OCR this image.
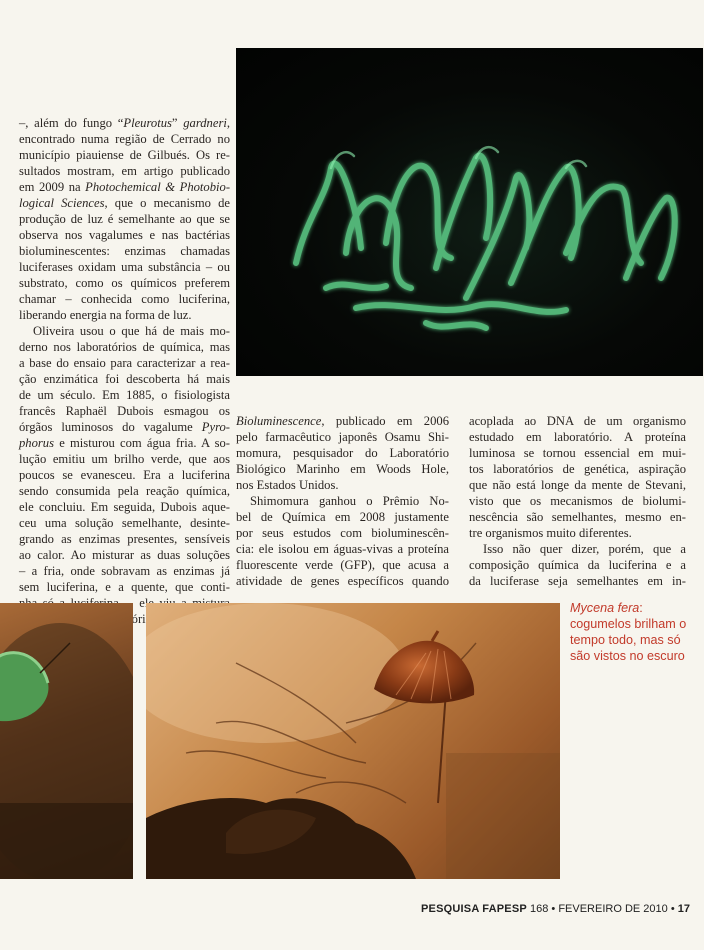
–, além do fungo “Pleurotus” gardneri,
encontrado numa região de Cerrado no
município piauiense de Gilbués. Os re-
sultados mostram, em artigo publicado
em 2009 na Photochemical & Photobio-
logical Sciences, que o mecanismo de
produção de luz é semelhante ao que se
observa nos vagalumes e nas bactérias
bioluminescentes: enzimas chamadas
luciferases oxidam uma substância – ou
substrato, como os químicos preferem
chamar – conhecida como luciferina,
liberando energia na forma de luz.

Oliveira usou o que há de mais mo-
derno nos laboratórios de química, mas
a base do ensaio para caracterizar a rea-
ção enzimática foi descoberta há mais
de um século. Em 1885, o fisiologista
francês Raphaël Dubois esmagou os
órgãos luminosos do vagalume Pyro-
phorus e misturou com água fria. A so-
lução emitiu um brilho verde, que aos
poucos se evanesceu. Era a luciferina
sendo consumida pela reação química,
ele concluiu. Em seguida, Dubois aque-
ceu uma solução semelhante, desinte-
grando as enzimas presentes, sensíveis
ao calor. Ao misturar as duas soluções
– a fria, onde sobravam as enzimas já
sem luciferina, e a quente, que conti-

Bioluminescence, publicado em 2006
pelo farmacêutico japonês Osamu Shi-
momura, pesquisador do Laboratório
Biológico Marinho em Woods Hole,
nos Estados Unidos.

Shimomura ganhou o Prêmio No-
bel de Química em 2008 justamente
por seus estudos com bioluminescên-
cia: ele isolou em águas-vivas a proteína
fluorescente verde (GFP), que acusa a
atividade de genes específicos quando

acoplada ao DNA de um organismo
estudado em laboratório. A proteína
luminosa se tornou essencial em mui-
tos laboratórios de genética, aspiração
que não está longe da mente de Stevani,
visto que os mecanismos de biolumi-
nescência são semelhantes, mesmo en-
tre organismos muito diferentes.

Isso não quer dizer, porém, que a
composição química da luciferina e a
da luciferase seja semelhantes em in-

Mycena fera: cogumelos brilham o tempo todo, mas só são vistos no escuro
PESQUISA FAPESP 168 • FEVEREIRO DE 2010 • 17
